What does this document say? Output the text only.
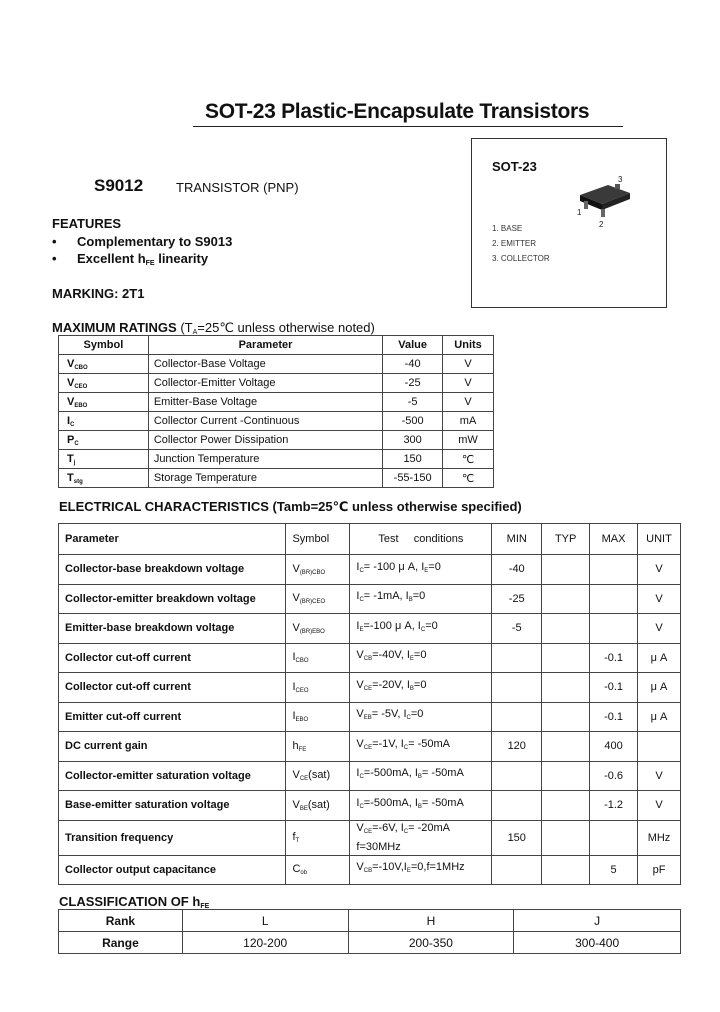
SOT-23 Plastic-Encapsulate Transistors
SOT-23
3
1
2
1. BASE
2. EMITTER
3. COLLECTOR
S9012	TRANSISTOR (PNP)
FEATURES
• Complementary to S9013
• Excellent $h_{FE}$ linearity
MARKING: 2T1
MAXIMUM RATINGS ($T_A=25℃$ unless otherwise noted)
Symbol	Parameter	Value	Units
$V_{CBO}$	Collector-Base Voltage	-40	V
$V_{CEO}$	Collector-Emitter Voltage	-25	V
$V_{EBO}$	Emitter-Base Voltage	-5	V
$I_C$	Collector Current -Continuous	-500	mA
$P_C$	Collector Power Dissipation	300	mW
$T_j$	Junction Temperature	150	℃
$T_{stg}$	Storage Temperature	-55-150	℃
ELECTRICAL CHARACTERISTICS (Tamb=25℃ unless otherwise specified)
Parameter	Symbol	Test     conditions	MIN	TYP	MAX	UNIT
Collector-base breakdown voltage	$V_{(BR)CBO}$	$I_C= -100$ μ A, $I_E=0$	-40			V
Collector-emitter breakdown voltage	$V_{(BR)CEO}$	$I_C= -1mA$, $I_B=0$	-25			V
Emitter-base breakdown voltage	$V_{(BR)EBO}$	$I_E=-100$ μ A, $I_C=0$	-5			V
Collector cut-off current	$I_{CBO}$	$V_{CB}=-40V$, $I_E=0$			-0.1	μ A
Collector cut-off current	$I_{CEO}$	$V_{CE}=-20V$, $I_B=0$			-0.1	μ A
Emitter cut-off current	$I_{EBO}$	$V_{EB}= -5V$, $I_C=0$			-0.1	μ A
DC current gain	$h_{FE}$	$V_{CE}=-1V$, $I_C= -50mA$	120		400	
Collector-emitter saturation voltage	$V_{CE}(sat)$	$I_C=-500mA$, $I_B= -50mA$			-0.6	V
Base-emitter saturation voltage	$V_{BE}(sat)$	$I_C=-500mA$, $I_B= -50mA$			-1.2	V
Transition frequency	$f_T$	$V_{CE}=-6V$, $I_C= -20mA$
f=30MHz	150			MHz
Collector output capacitance	$C_{ob}$	$V_{CB}=-10V,I_E=0,f=1MHz$			5	pF
CLASSIFICATION OF $h_{FE}$
Rank	L	H	J
Range	120-200	200-350	300-400
